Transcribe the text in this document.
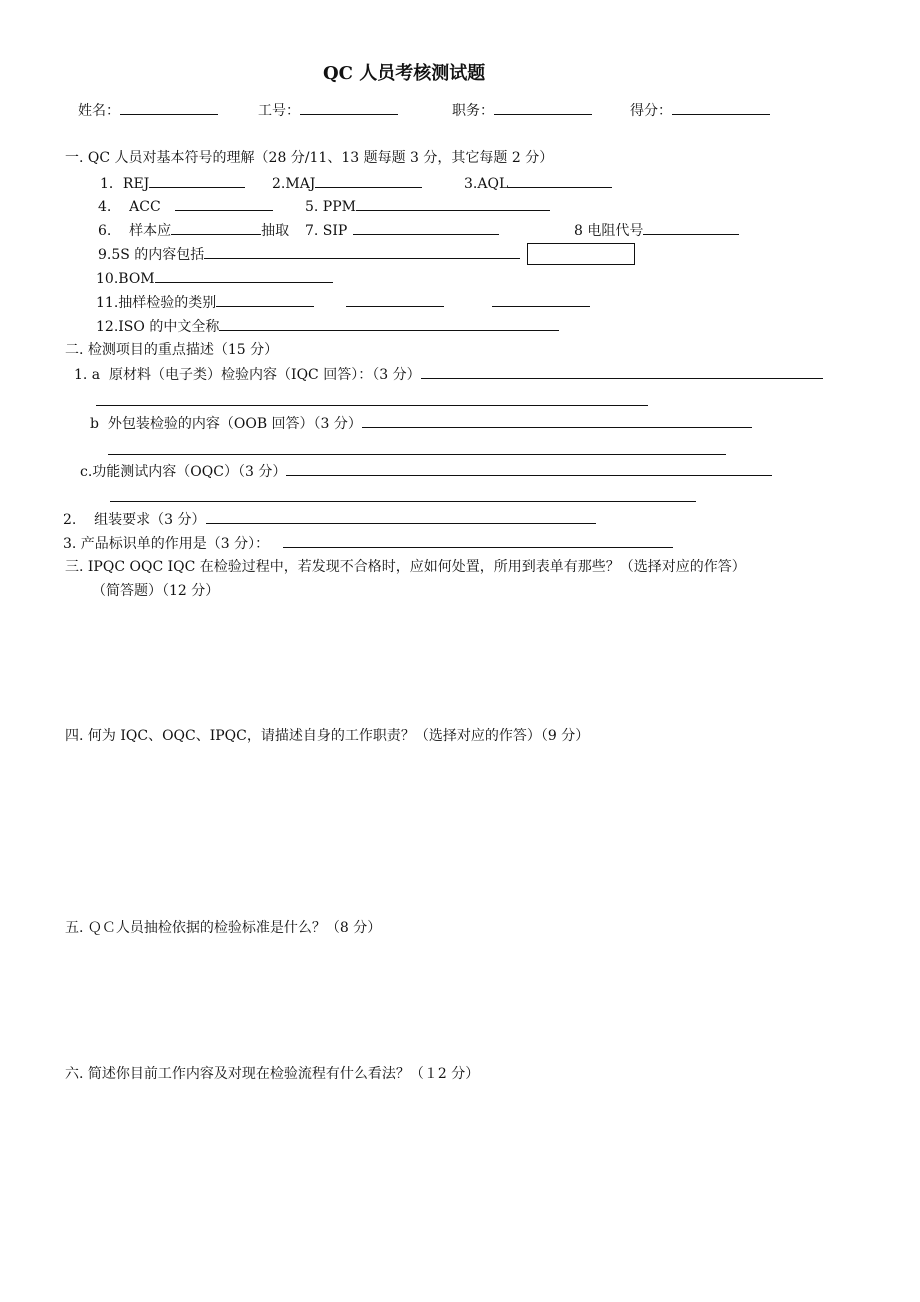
QC 人员考核测试题
姓名：	工号：	职务：	得分：
一. QC 人员对基本符号的理解（28 分/11、13 题每题 3 分，其它每题 2 分）
1．REJ	2.MAJ	3.AQL
4.    ACC	5. PPM
6.    样本应	抽取 7. SIP	8 电阻代号
9.5S 的内容包括
10.BOM
11.抽样检验的类别
12.ISO 的中文全称
二. 检测项目的重点描述（15 分）
1. a  原材料（电子类）检验内容（IQC 回答）：（3 分）
b  外包装检验的内容（OOB 回答）（3 分）
c.功能测试内容（OQC）（3 分）
2.    组装要求（3 分）
3. 产品标识单的作用是（3 分）：
三. IPQC OQC IQC 在检验过程中，若发现不合格时，应如何处置，所用到表单有那些？（选择对应的作答）
（简答题）（12 分）
四. 何为 IQC、OQC、IPQC，请描述自身的工作职责？（选择对应的作答）（9 分）
五. ＱＣ人员抽检依据的检验标准是什么？（8 分）
六. 简述你目前工作内容及对现在检验流程有什么看法？（１2 分）
